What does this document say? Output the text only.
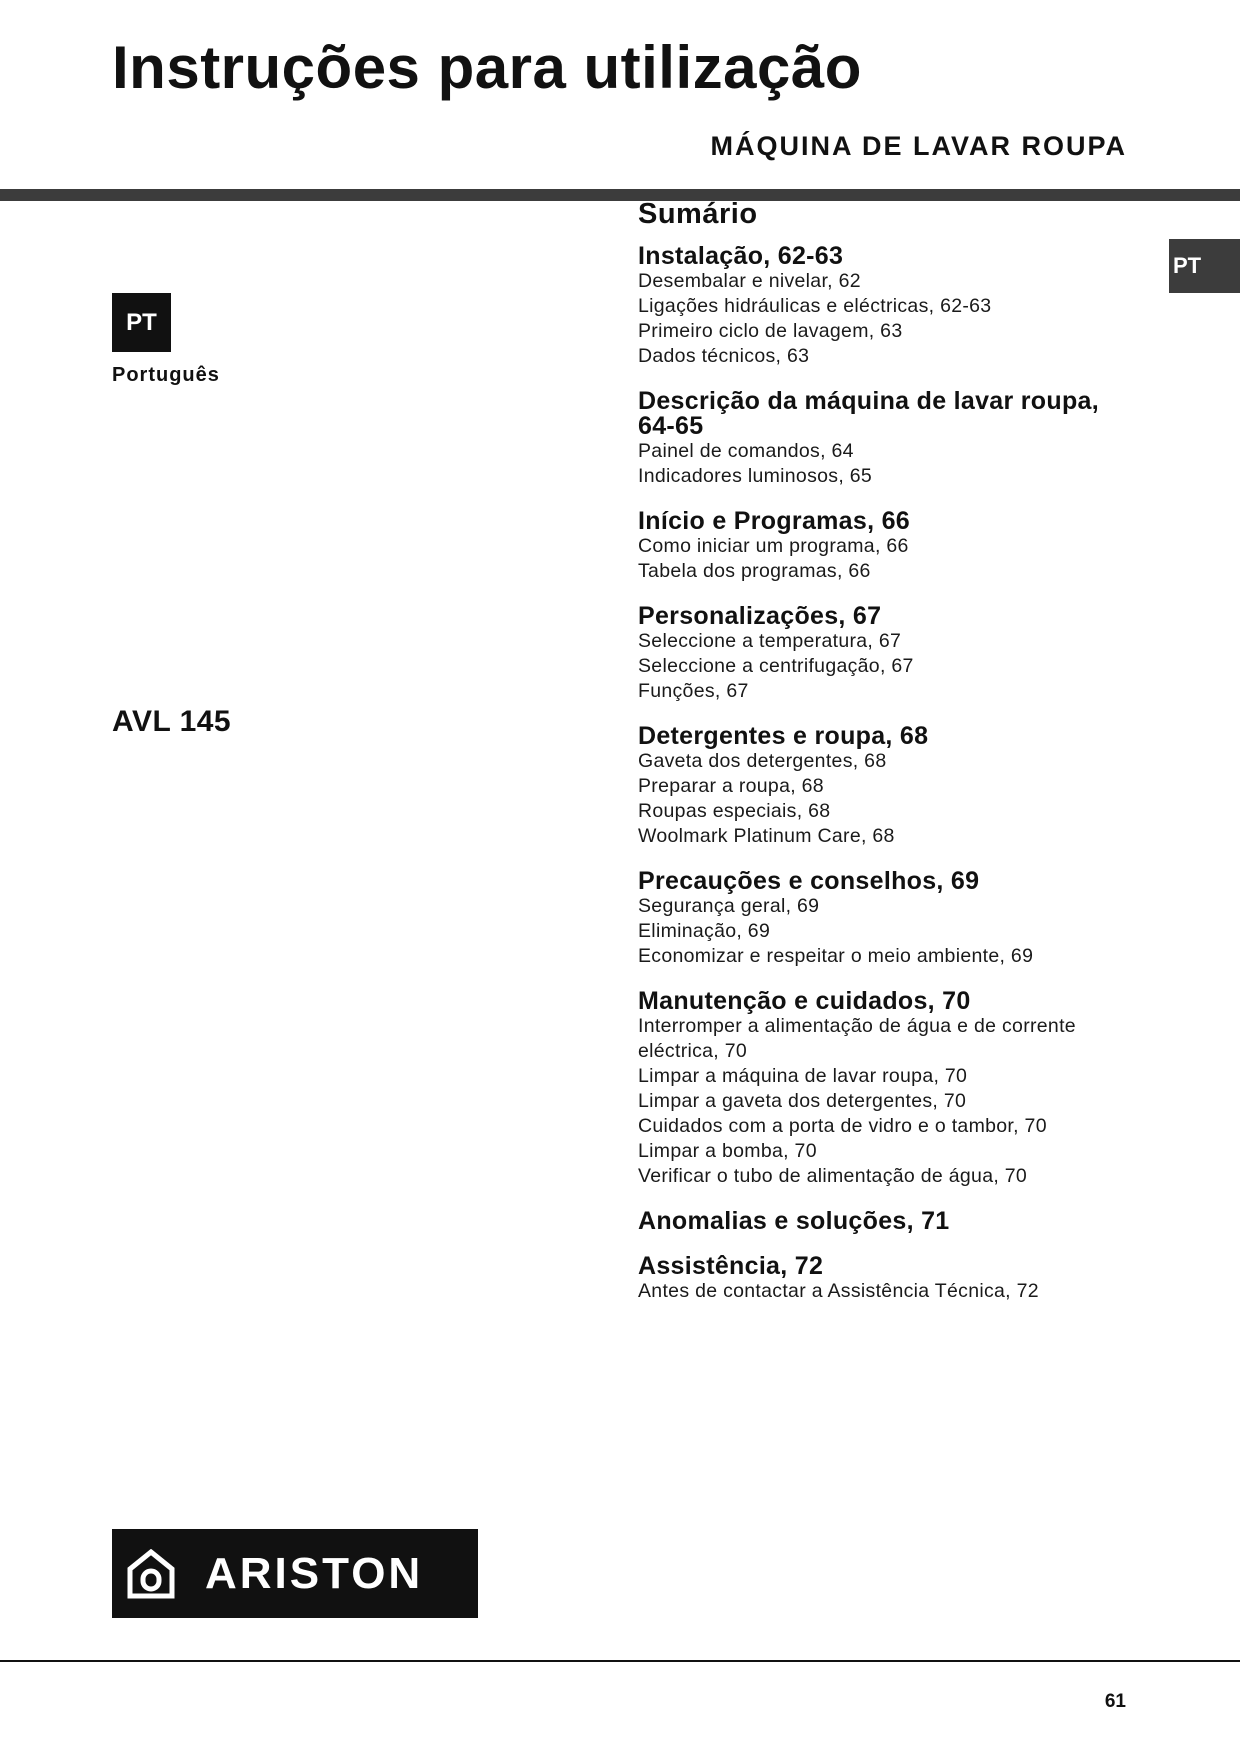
Instruções para utilização
MÁQUINA DE LAVAR ROUPA
PT
Português
PT
AVL 145
Sumário
Instalação, 62-63
Desembalar e nivelar, 62
Ligações hidráulicas e eléctricas, 62-63
Primeiro ciclo de lavagem, 63
Dados técnicos, 63
Descrição da máquina de lavar roupa, 64-65
Painel de comandos, 64
Indicadores luminosos, 65
Início e Programas, 66
Como iniciar um programa, 66
Tabela dos programas, 66
Personalizações, 67
Seleccione a temperatura, 67
Seleccione a centrifugação, 67
Funções, 67
Detergentes e roupa, 68
Gaveta dos detergentes, 68
Preparar a roupa, 68
Roupas especiais, 68
Woolmark Platinum Care, 68
Precauções e conselhos, 69
Segurança geral, 69
Eliminação, 69
Economizar e respeitar o meio ambiente, 69
Manutenção e cuidados, 70
Interromper a alimentação de água e de corrente eléctrica, 70
Limpar a máquina de lavar roupa, 70
Limpar a gaveta dos detergentes, 70
Cuidados com a porta de vidro e o tambor, 70
Limpar a bomba, 70
Verificar o tubo de alimentação de água, 70
Anomalias e soluções, 71
Assistência, 72
Antes de contactar a Assistência Técnica, 72
ARISTON
61
